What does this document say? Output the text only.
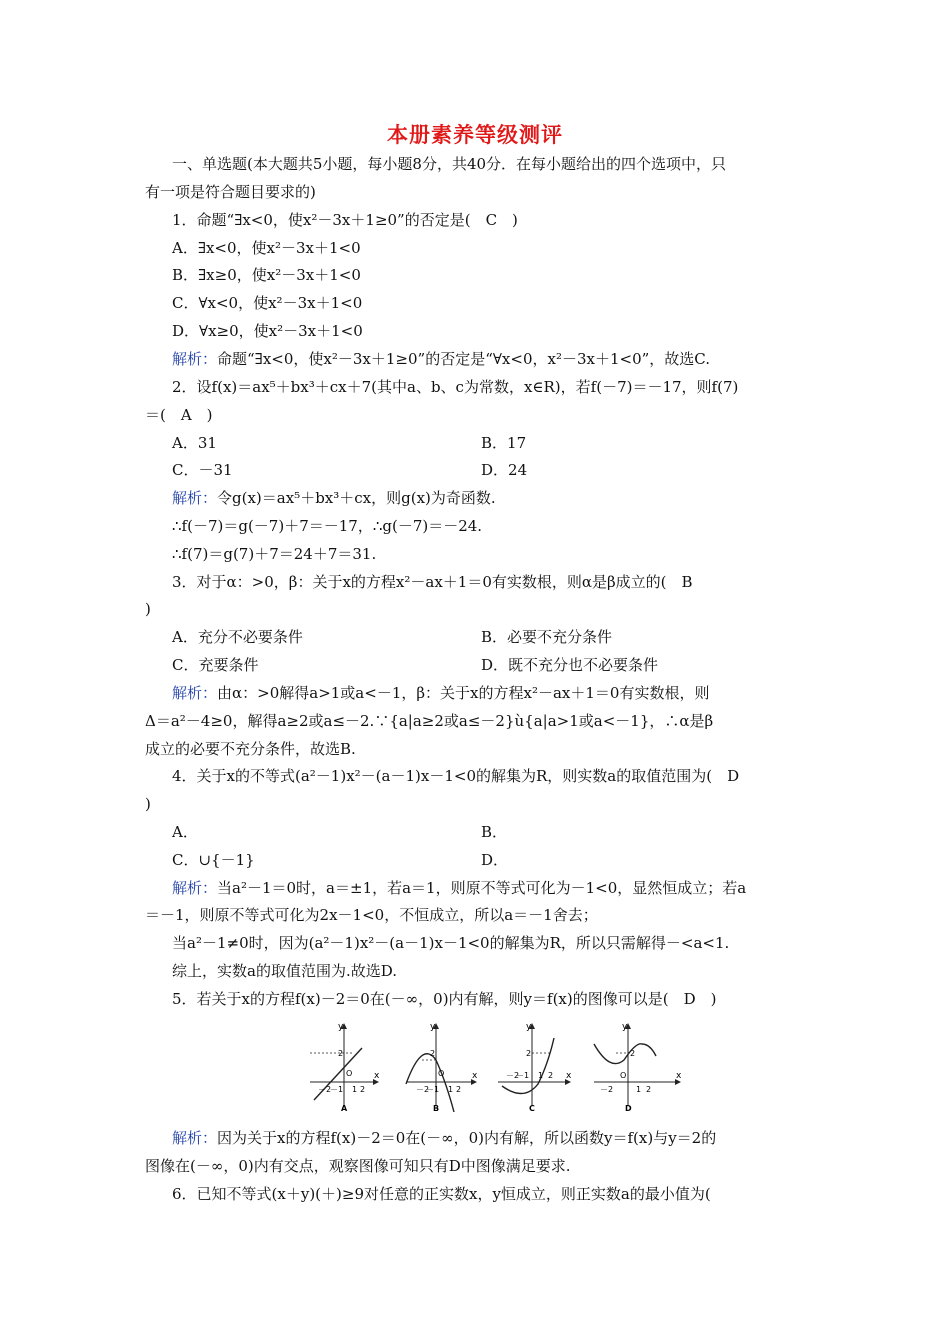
本册素养等级测评
一、单选题(本大题共5小题，每小题8分，共40分．在每小题给出的四个选项中，只
有一项是符合题目要求的)
1．命题“∃x<0，使x²－3x＋1≥0”的否定是(　C　)
A．∃x<0，使x²－3x＋1<0
B．∃x≥0，使x²－3x＋1<0
C．∀x<0，使x²－3x＋1<0
D．∀x≥0，使x²－3x＋1<0
解析：命题“∃x<0，使x²－3x＋1≥0”的否定是“∀x<0，x²－3x＋1<0”，故选C.
2．设f(x)＝ax⁵＋bx³＋cx＋7(其中a、b、c为常数，x∈R)，若f(－7)＝－17，则f(7)
＝(　A　)
A．31	B．17
C．－31	D．24
解析：令g(x)＝ax⁵＋bx³＋cx，则g(x)为奇函数.
∴f(－7)＝g(－7)＋7＝－17，∴g(－7)＝－24.
∴f(7)＝g(7)＋7＝24＋7＝31.
3．对于α：>0，β：关于x的方程x²－ax＋1＝0有实数根，则α是β成立的(　B
)
A．充分不必要条件	B．必要不充分条件
C．充要条件	D．既不充分也不必要条件
解析：由α：>0解得a>1或a<－1，β：关于x的方程x²－ax＋1＝0有实数根，则
Δ＝a²－4≥0，解得a≥2或a≤－2.∵{a|a≥2或a≤－2}ù{a|a>1或a<－1}，∴α是β
成立的必要不充分条件，故选B.
4．关于x的不等式(a²－1)x²－(a－1)x－1<0的解集为R，则实数a的取值范围为(　D
)
A．	B．
C．∪{－1}	D．
解析：当a²－1＝0时，a＝±1，若a＝1，则原不等式可化为－1<0，显然恒成立；若a
＝－1，则原不等式可化为2x－1<0，不恒成立，所以a＝－1舍去；
当a²－1≠0时，因为(a²－1)x²－(a－1)x－1<0的解集为R，所以只需解得－<a<1.
综上，实数a的取值范围为.故选D.
5．若关于x的方程f(x)－2＝0在(－∞，0)内有解，则y＝f(x)的图像可以是(　D　)
y
x
2
O
－2
－1 1 2
A
y
x
2
O
－2
－1 1 2
B
y
x
2
－2
－1 1 2
C
y
x
2
O
－2	1 2
D
解析：因为关于x的方程f(x)－2＝0在(－∞，0)内有解，所以函数y＝f(x)与y＝2的
图像在(－∞，0)内有交点，观察图像可知只有D中图像满足要求.
6．已知不等式(x＋y)(＋)≥9对任意的正实数x，y恒成立，则正实数a的最小值为(
